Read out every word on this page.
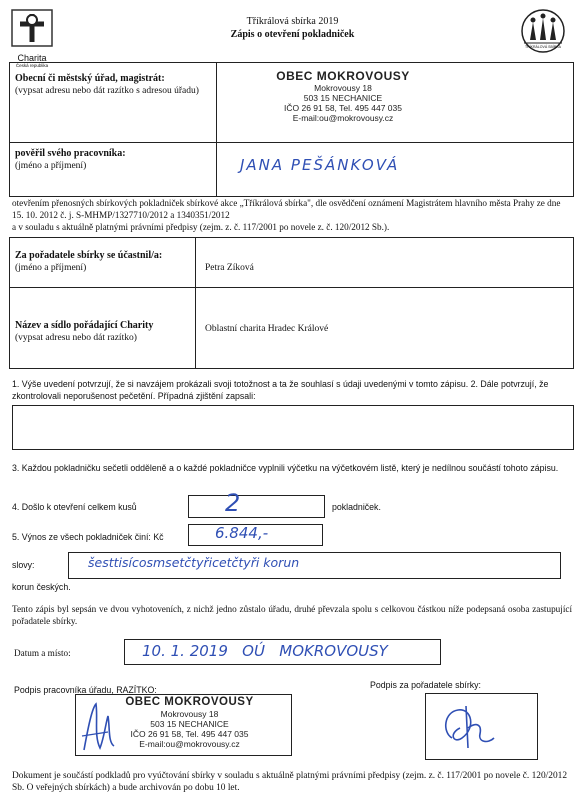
Charita
Česká republika
TŘÍKRÁLOVÁ SBÍRKA
Tříkrálová sbírka 2019
Zápis o otevření pokladniček
Obecní či městský úřad, magistrát:
(vypsat adresu nebo dát razítko s adresou úřadu)
OBEC MOKROVOUSY
Mokrovousy 18
503 15 NECHANICE
IČO 26 91 58, Tel. 495 447 035
E-mail:ou@mokrovousy.cz
pověřil svého pracovníka:
(jméno a příjmení)	JANA PEŠÁNKOVÁ
otevřením přenosných sbírkových pokladniček sbírkové akce „Tříkrálová sbírka", dle osvědčení oznámení Magistrátem hlavního města Prahy ze dne 15. 10. 2012 č. j. S-MHMP/1327710/2012 a 1340351/2012
a v souladu s aktuálně platnými právními předpisy (zejm. z. č. 117/2001 po novele z. č. 120/2012 Sb.).
Za pořadatele sbírky se účastnil/a:
(jméno a příjmení)	Petra Zíková
Název a sídlo pořádající Charity
(vypsat adresu nebo dát razítko)
Oblastní charita Hradec Králové
1. Výše uvedení potvrzují, že si navzájem prokázali svoji totožnost a ta že souhlasí s údaji uvedenými v tomto zápisu. 2. Dále potvrzují, že zkontrolovali neporušenost pečetění. Případná zjištění zapsali:
3. Každou pokladničku sečetli odděleně a o každé pokladničce vyplnili výčetku na výčetkovém listě, který je nedílnou součástí tohoto zápisu.
4. Došlo k otevření celkem kusů	2	pokladniček.
5. Výnos ze všech pokladniček činí: Kč	6.844,-
slovy:	šesttisícosmsetčtyřicetčtyři korun
korun českých.
Tento zápis byl sepsán ve dvou vyhotoveních, z nichž jedno zůstalo úřadu, druhé převzala spolu s celkovou částkou níže podepsaná osoba zastupující pořadatele sbírky.
Datum a místo:	10. 1. 2019   OÚ   MOKROVOUSY
Podpis pracovníka úřadu, RAZÍTKO:	Podpis za pořadatele sbírky:
OBEC MOKROVOUSY
Mokrovousy 18
503 15 NECHANICE
IČO 26 91 58, Tel. 495 447 035
E-mail:ou@mokrovousy.cz
Dokument je součástí podkladů pro vyúčtování sbírky v souladu s aktuálně platnými právními předpisy (zejm. z. č. 117/2001 po novele č. 120/2012 Sb. O veřejných sbírkách) a bude archivován po dobu 10 let.
